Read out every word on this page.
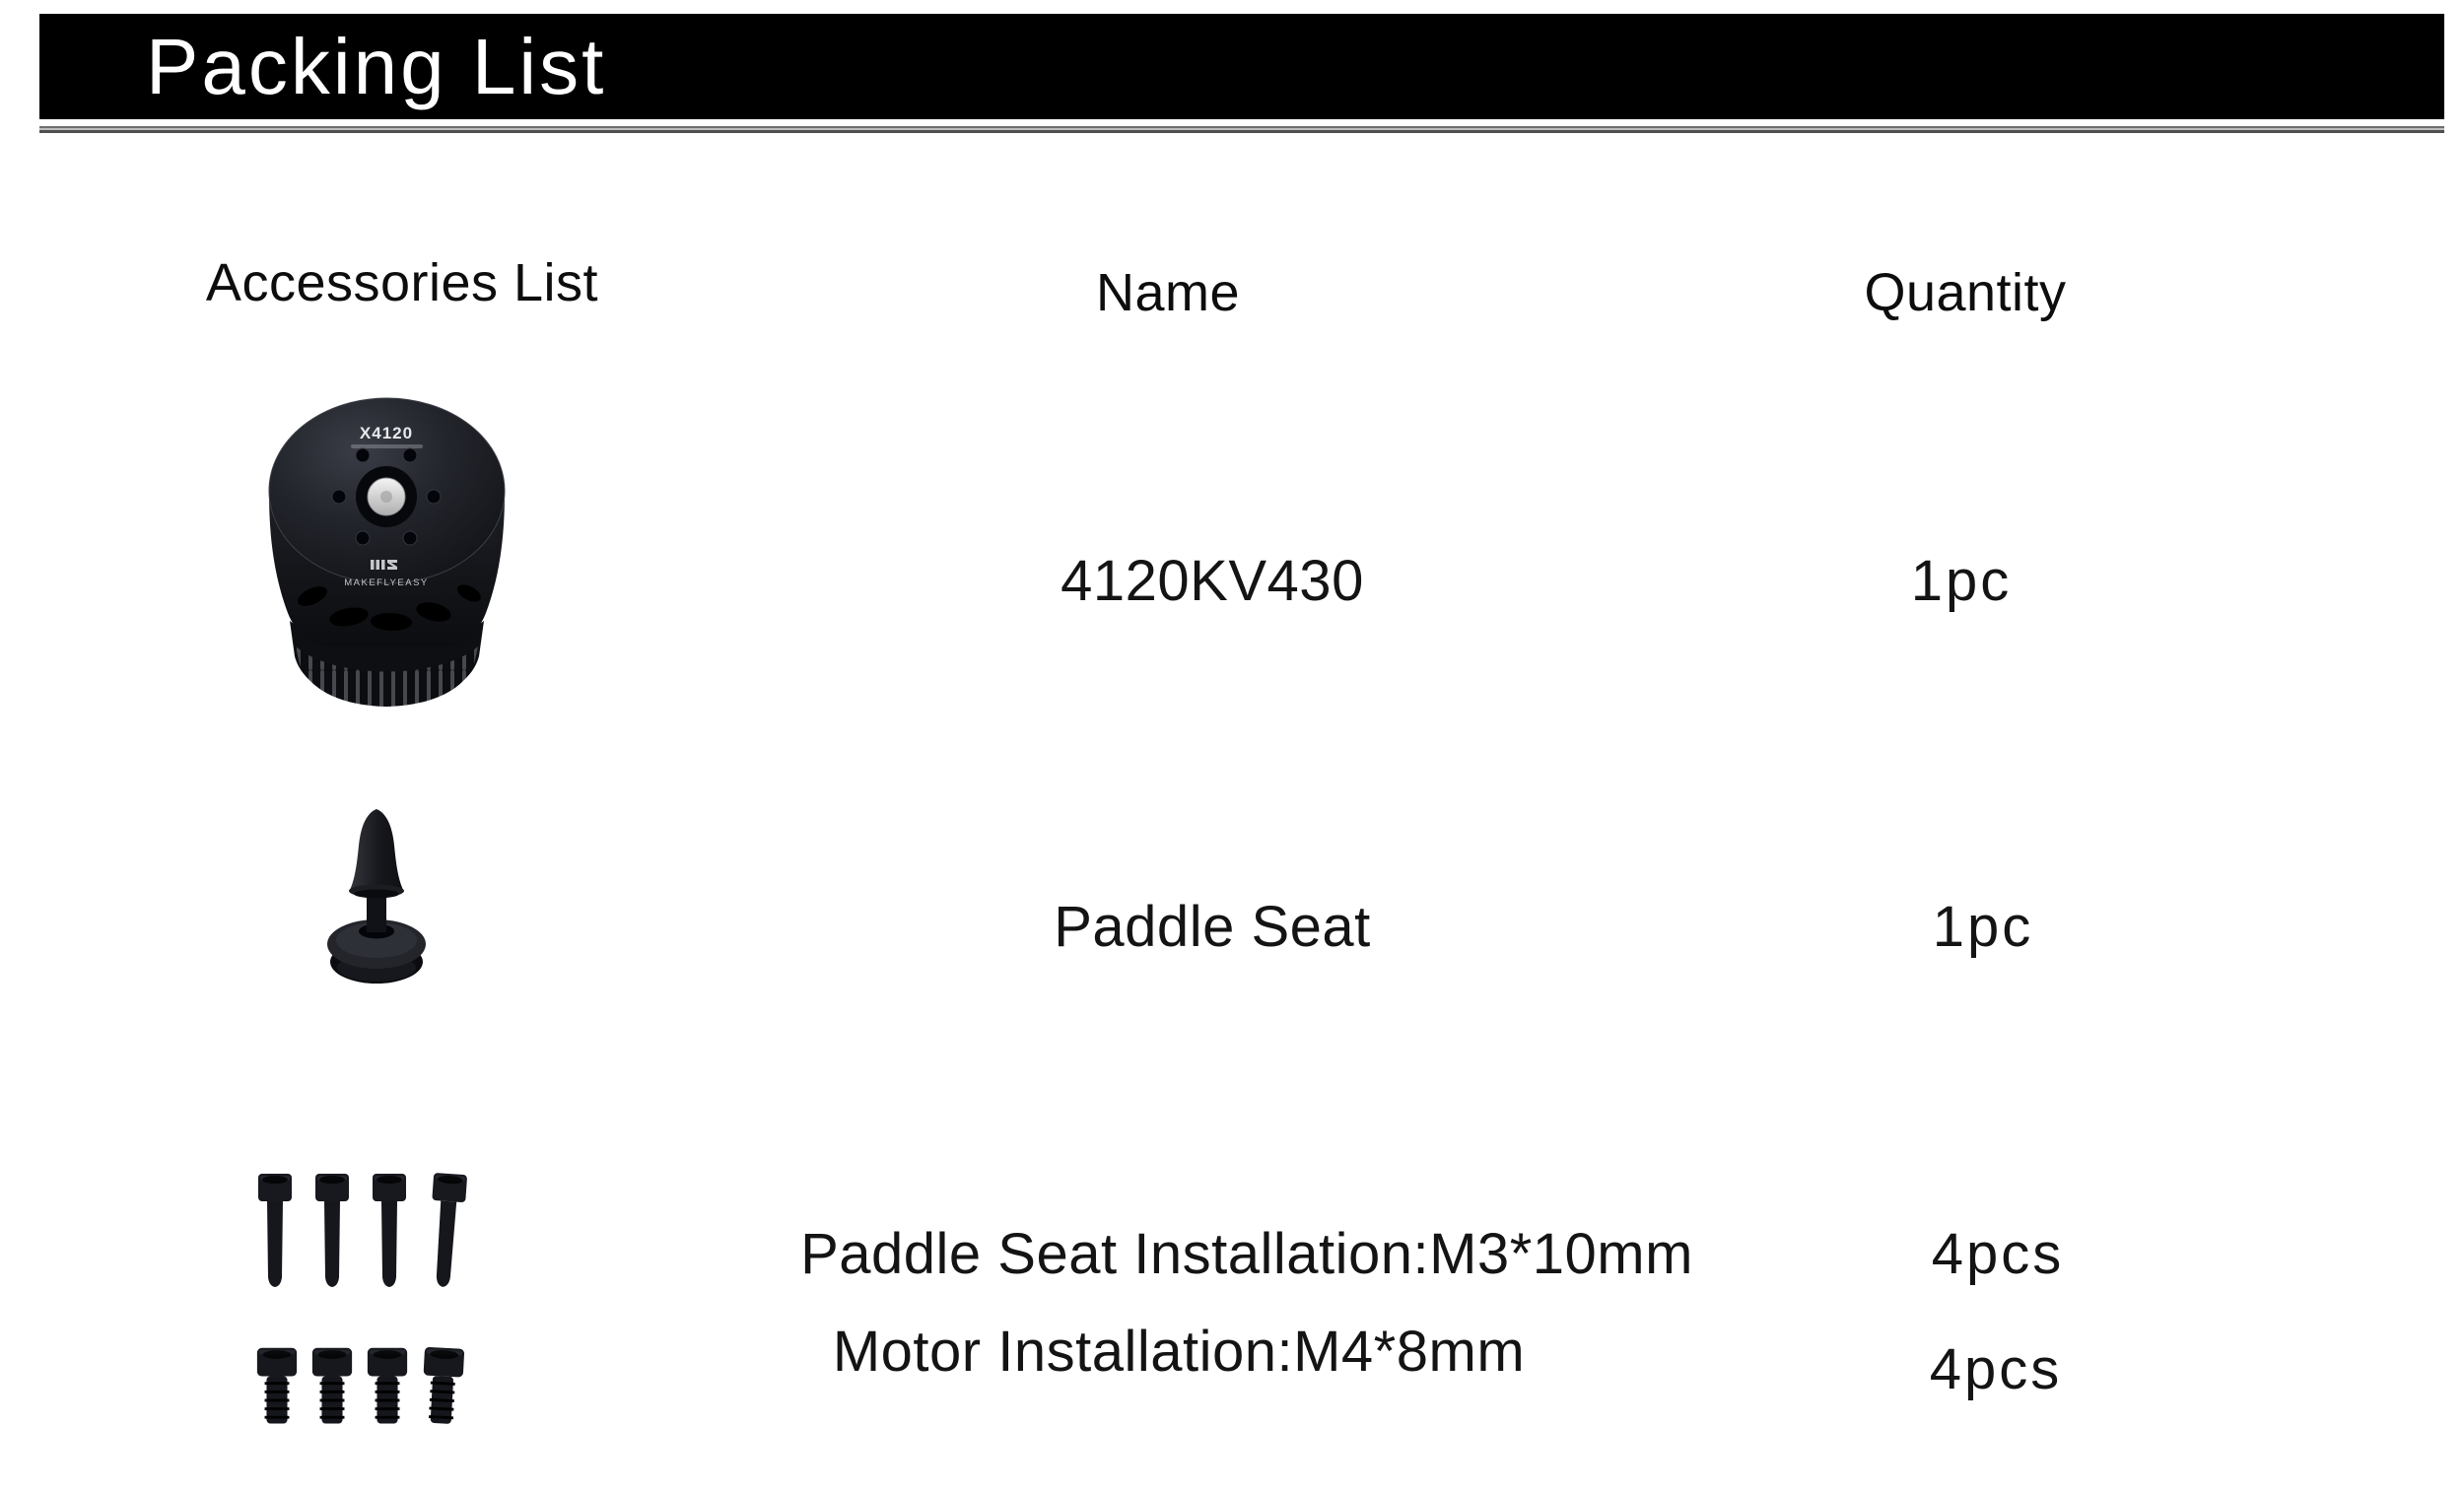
Packing List
Accessories List	Name	Quantity
X4120
MAKEFLYEASY	4120KV430	1pc
Paddle Seat	1pc
Paddle Seat Installation:M3*10mm	4pcs
Motor Installation:M4*8mm	4pcs
